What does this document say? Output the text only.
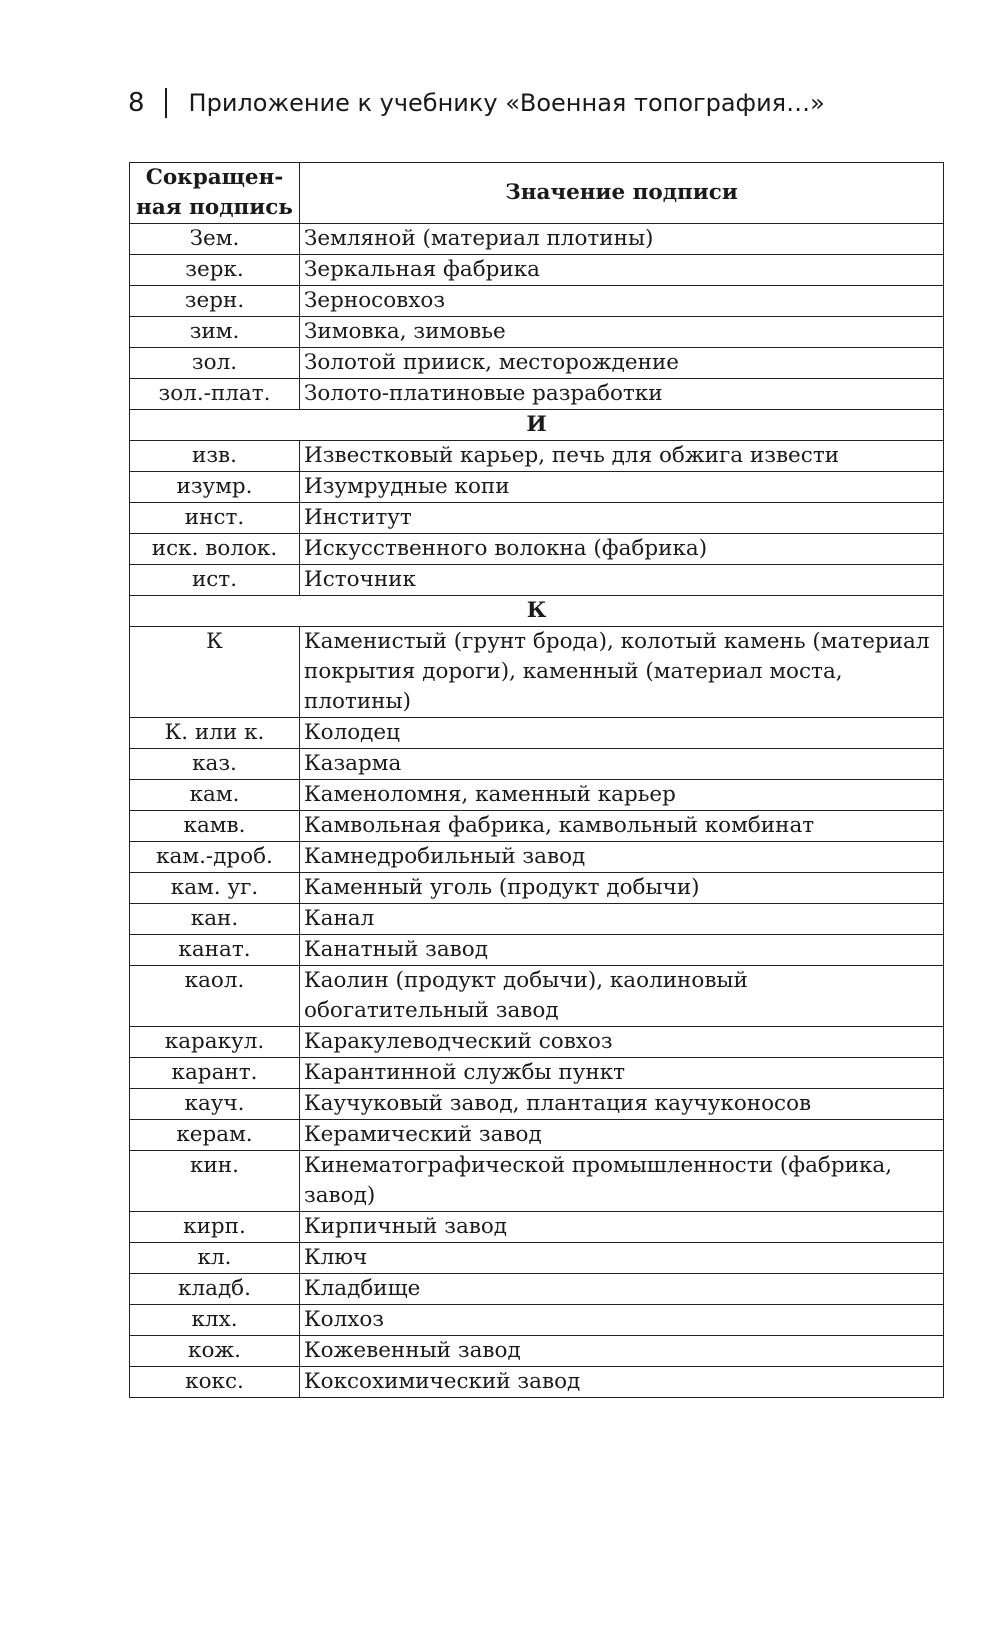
8 Приложение к учебнику «Военная топография…»
Сокращен-
ная подпись	Значение подписи
Зем.	Земляной (материал плотины)
зерк.	Зеркальная фабрика
зерн.	Зерносовхоз
зим.	Зимовка, зимовье
зол.	Золотой прииск, месторождение
зол.-плат.	Золото-платиновые разработки
И	
изв.	Известковый карьер, печь для обжига извести
изумр.	Изумрудные копи
инст.	Институт
иск. волок.	Искусственного волокна (фабрика)
ист.	Источник
К	
К	Каменистый (грунт брода), колотый камень (материал покрытия дороги), каменный (материал моста, плотины)
К. или к.	Колодец
каз.	Казарма
кам.	Каменоломня, каменный карьер
камв.	Камвольная фабрика, камвольный комбинат
кам.-дроб.	Камнедробильный завод
кам. уг.	Каменный уголь (продукт добычи)
кан.	Канал
канат.	Канатный завод
каол.	Каолин (продукт добычи), каолиновый обогатительный завод
каракул.	Каракулеводческий совхоз
карант.	Карантинной службы пункт
кауч.	Каучуковый завод, плантация каучуконосов
керам.	Керамический завод
кин.	Кинематографической промышленности (фабрика, завод)
кирп.	Кирпичный завод
кл.	Ключ
кладб.	Кладбище
клх.	Колхоз
кож.	Кожевенный завод
кокс.	Коксохимический завод
